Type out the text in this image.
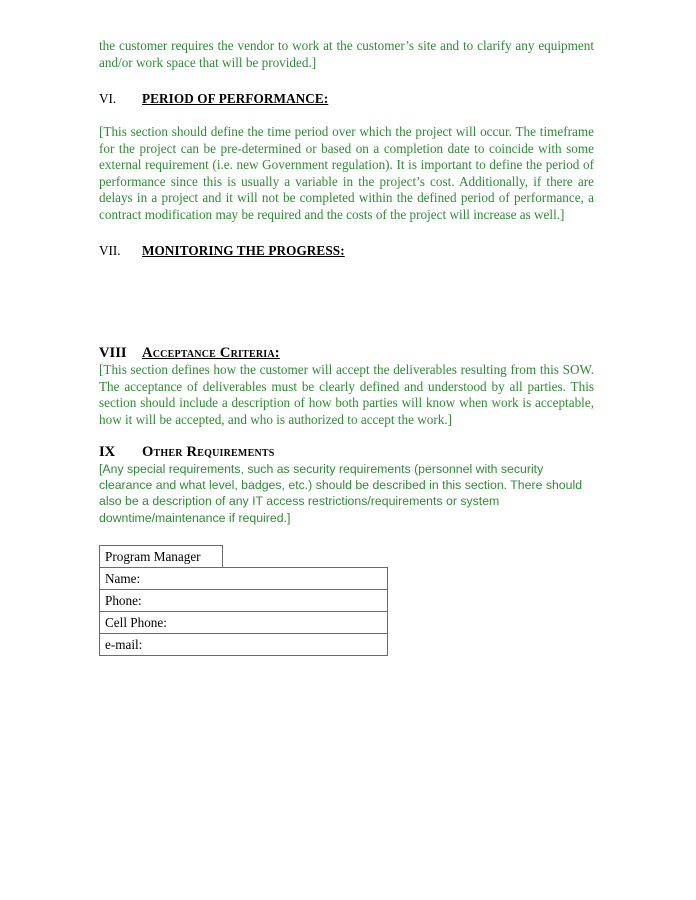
the customer requires the vendor to work at the customer’s site and to clarify any equipment and/or work space that will be provided.]

VI.	PERIOD OF PERFORMANCE:

[This section should define the time period over which the project will occur. The timeframe for the project can be pre-determined or based on a completion date to coincide with some external requirement (i.e. new Government regulation). It is important to define the period of performance since this is usually a variable in the project’s cost. Additionally, if there are delays in a project and it will not be completed within the defined period of performance, a contract modification may be required and the costs of the project will increase as well.]

VII.	MONITORING THE PROGRESS:
VIII	Acceptance Criteria:

[This section defines how the customer will accept the deliverables resulting from this SOW. The acceptance of deliverables must be clearly defined and understood by all parties. This section should include a description of how both parties will know when work is acceptable, how it will be accepted, and who is authorized to accept the work.]

IX	Other Requirements

[Any special requirements, such as security requirements (personnel with security clearance and what level, badges, etc.) should be described in this section. There should also be a description of any IT access restrictions/requirements or system downtime/maintenance if required.]

Program Manager	
Name:
Phone:
Cell Phone:
e-mail:
